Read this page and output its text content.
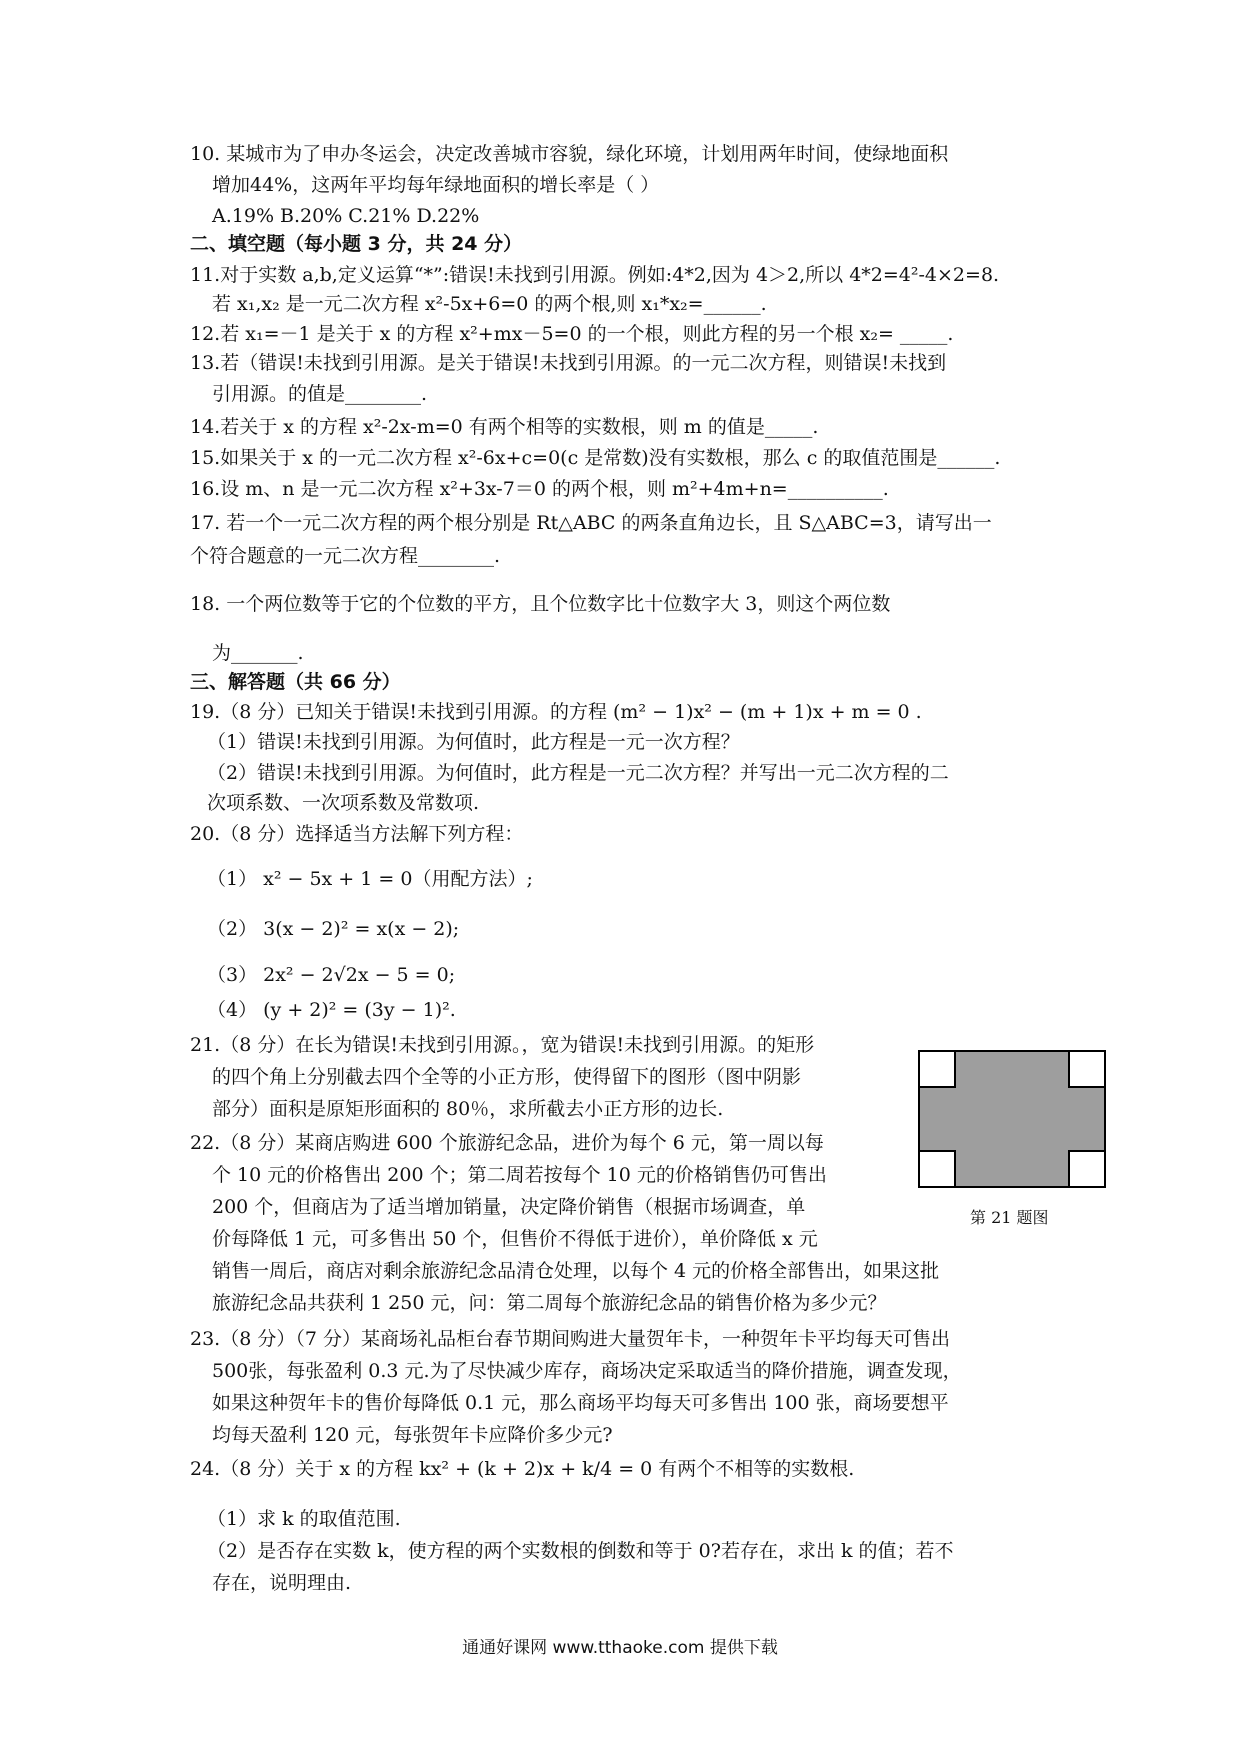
10. 某城市为了申办冬运会，决定改善城市容貌，绿化环境，计划用两年时间，使绿地面积
增加44%，这两年平均每年绿地面积的增长率是（ ）
A.19% B.20% C.21% D.22%
二、填空题（每小题 3 分，共 24 分）
11.对于实数 a,b,定义运算“*”:错误!未找到引用源。例如:4*2,因为 4＞2,所以 4*2=4²-4×2=8.
若 x₁,x₂ 是一元二次方程 x²-5x+6=0 的两个根,则 x₁*x₂=______.
12.若 x₁=－1 是关于 x 的方程 x²+mx－5=0 的一个根，则此方程的另一个根 x₂= _____.
13.若（错误!未找到引用源。是关于错误!未找到引用源。的一元二次方程，则错误!未找到
引用源。的值是________.
14.若关于 x 的方程 x²-2x-m=0 有两个相等的实数根，则 m 的值是_____.
15.如果关于 x 的一元二次方程 x²-6x+c=0(c 是常数)没有实数根，那么 c 的取值范围是______.
16.设 m、n 是一元二次方程 x²+3x-7＝0 的两个根，则 m²+4m+n=__________.
17. 若一个一元二次方程的两个根分别是 Rt△ABC 的两条直角边长，且 S△ABC=3，请写出一
个符合题意的一元二次方程________.
18. 一个两位数等于它的个位数的平方，且个位数字比十位数字大 3，则这个两位数
为_______.
三、解答题（共 66 分）
19.（8 分）已知关于错误!未找到引用源。的方程 (m² − 1)x² − (m + 1)x + m = 0 .
（1）错误!未找到引用源。为何值时，此方程是一元一次方程？
（2）错误!未找到引用源。为何值时，此方程是一元二次方程？并写出一元二次方程的二
次项系数、一次项系数及常数项.
20.（8 分）选择适当方法解下列方程：
（1） x² − 5x + 1 = 0（用配方法）;
（2） 3(x − 2)² = x(x − 2);
（3） 2x² − 2√2x − 5 = 0;
（4） (y + 2)² = (3y − 1)².
21.（8 分）在长为错误!未找到引用源。，宽为错误!未找到引用源。的矩形
的四个角上分别截去四个全等的小正方形，使得留下的图形（图中阴影
部分）面积是原矩形面积的 80％，求所截去小正方形的边长.
22.（8 分）某商店购进 600 个旅游纪念品，进价为每个 6 元，第一周以每
个 10 元的价格售出 200 个；第二周若按每个 10 元的价格销售仍可售出
200 个，但商店为了适当增加销量，决定降价销售（根据市场调查，单
价每降低 1 元，可多售出 50 个，但售价不得低于进价），单价降低 x 元
销售一周后，商店对剩余旅游纪念品清仓处理，以每个 4 元的价格全部售出，如果这批
旅游纪念品共获利 1 250 元，问：第二周每个旅游纪念品的销售价格为多少元？
23.（8 分）（7 分）某商场礼品柜台春节期间购进大量贺年卡，一种贺年卡平均每天可售出
500张，每张盈利 0.3 元.为了尽快减少库存，商场决定采取适当的降价措施，调查发现，
如果这种贺年卡的售价每降低 0.1 元，那么商场平均每天可多售出 100 张，商场要想平
均每天盈利 120 元，每张贺年卡应降价多少元?
24.（8 分）关于 x 的方程 kx² + (k + 2)x + k/4 = 0 有两个不相等的实数根.
（1）求 k 的取值范围.
（2）是否存在实数 k，使方程的两个实数根的倒数和等于 0?若存在，求出 k 的值；若不
存在，说明理由.
第 21 题图
通通好课网 www.tthaoke.com 提供下载
